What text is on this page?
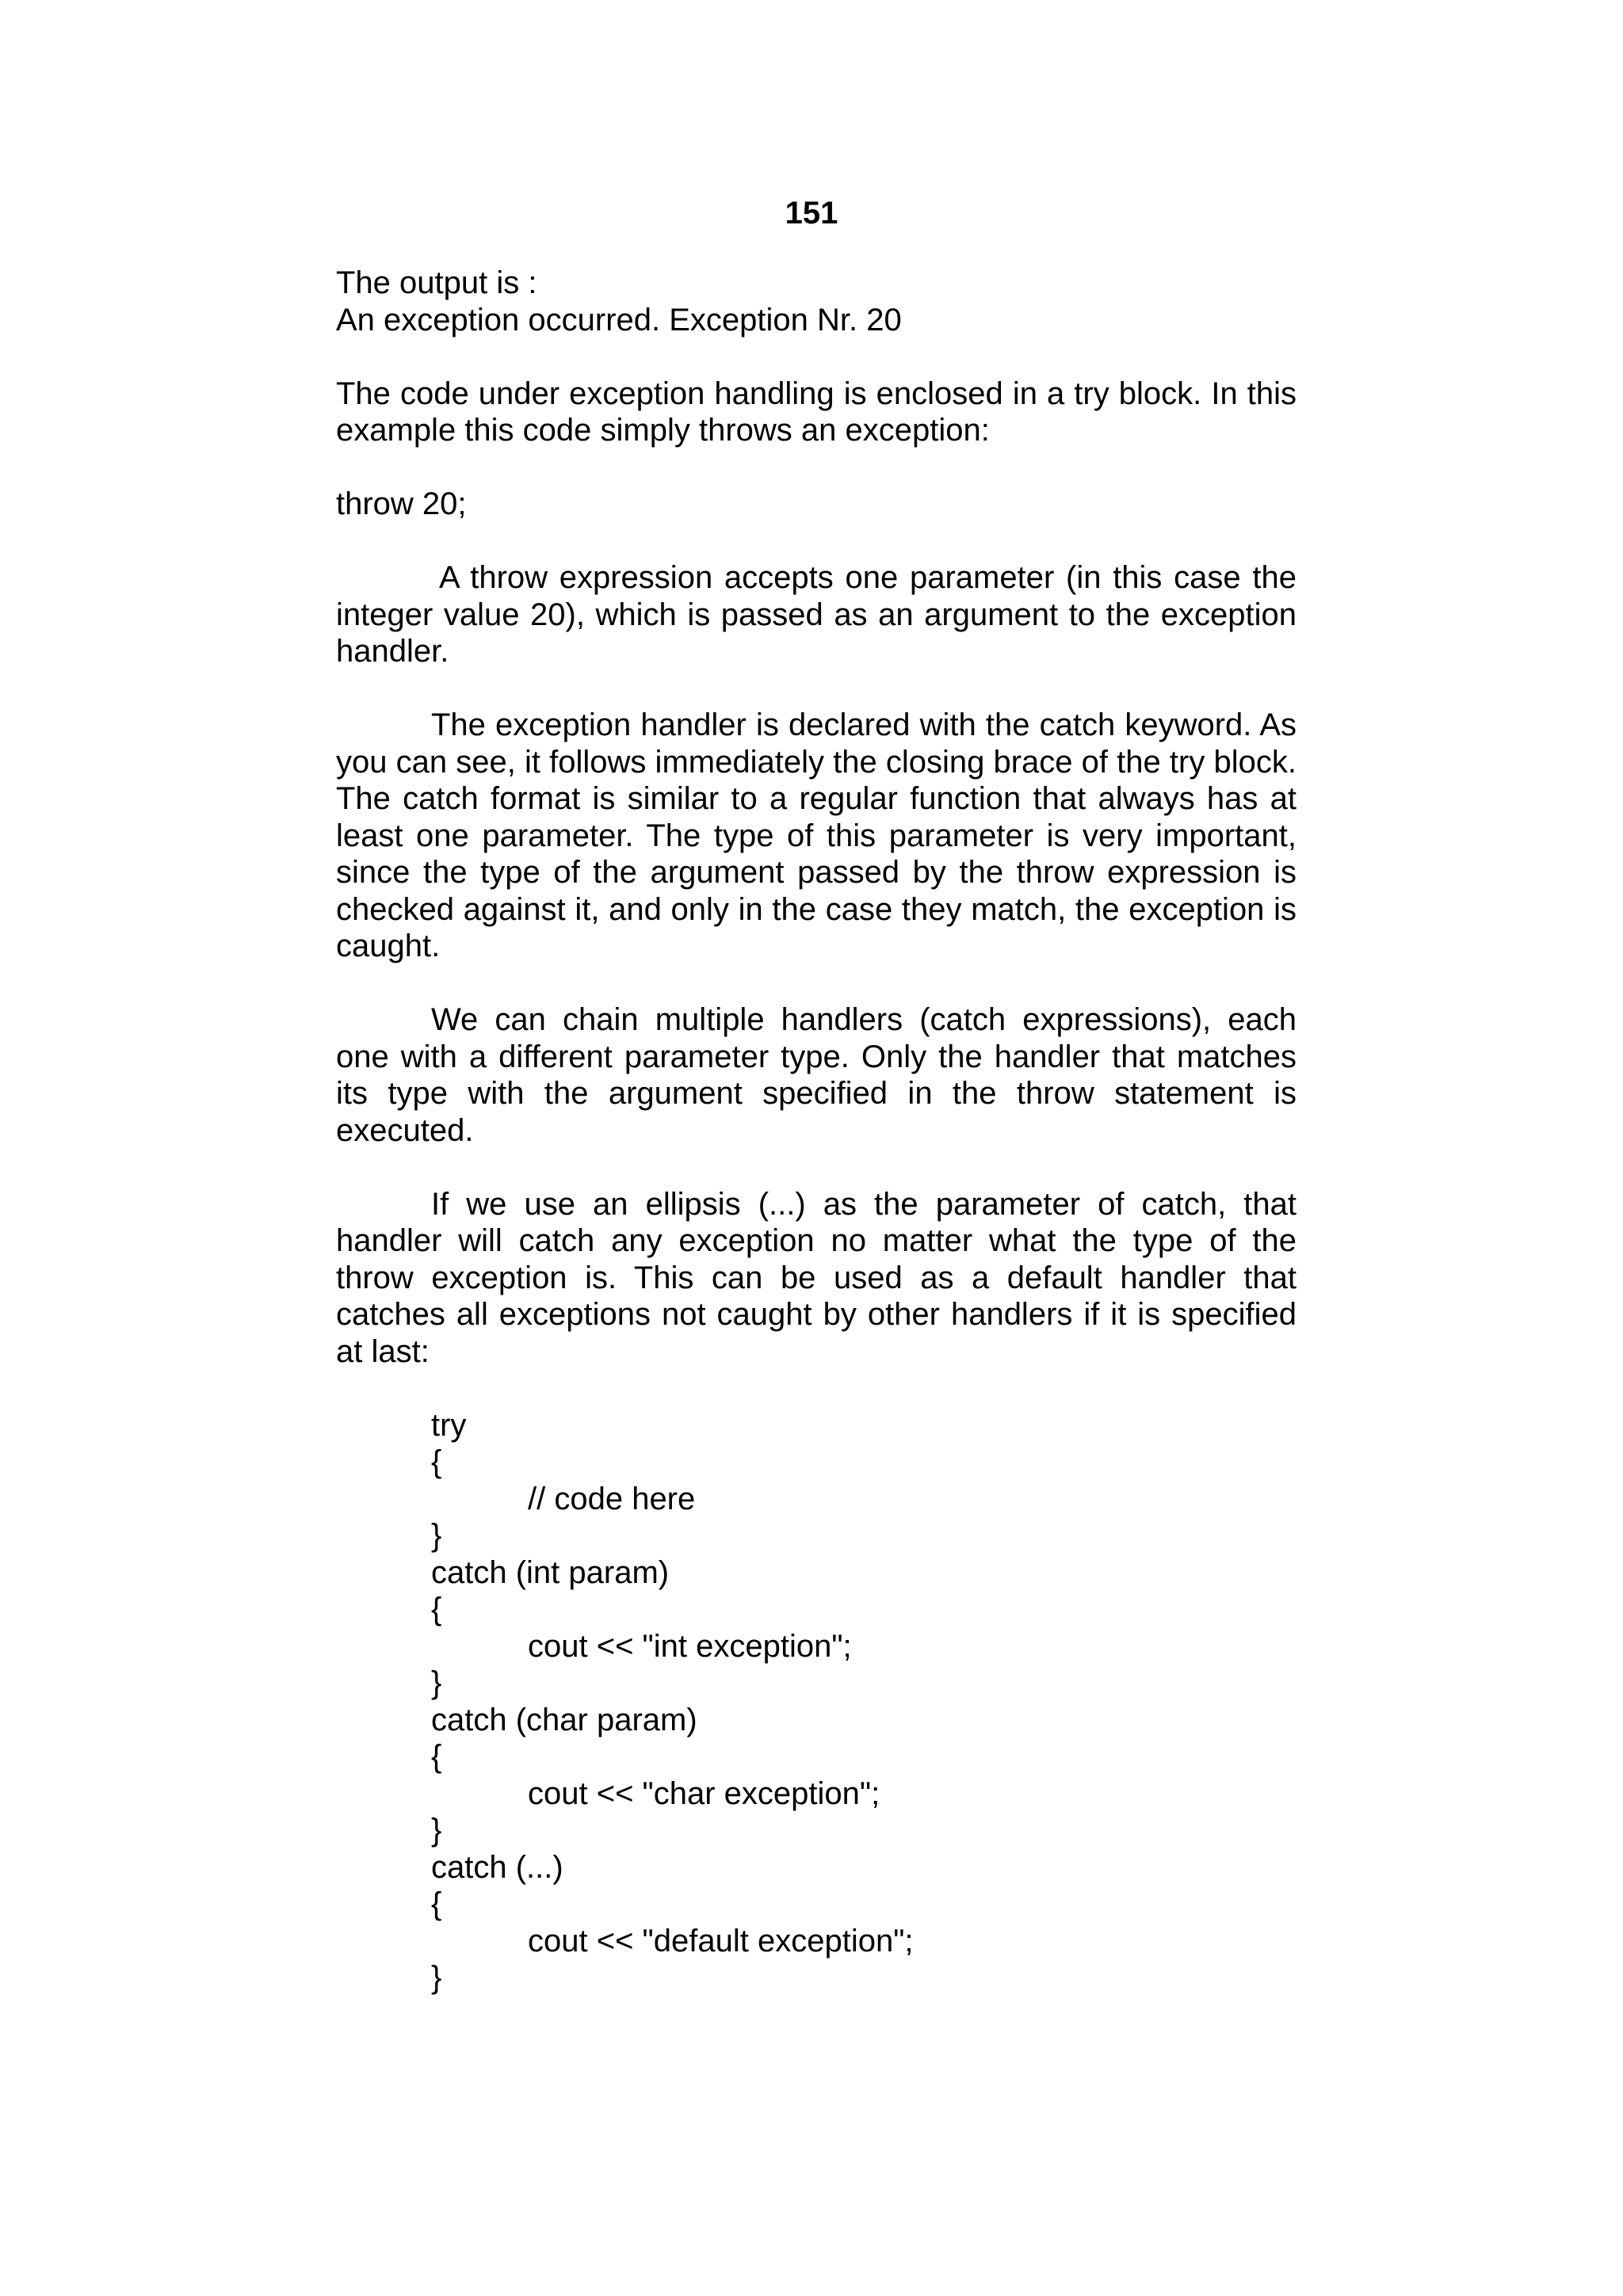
151

The output is :

An exception occurred. Exception Nr. 20

The code under exception handling is enclosed in a try block. In this example this code simply throws an exception:

throw 20;

A throw expression accepts one parameter (in this case the integer value 20), which is passed as an argument to the exception handler.

The exception handler is declared with the catch keyword. As you can see, it follows immediately the closing brace of the try block. The catch format is similar to a regular function that always has at least one parameter. The type of this parameter is very important, since the type of the argument passed by the throw expression is checked against it, and only in the case they match, the exception is caught.

We can chain multiple handlers (catch expressions), each one with a different parameter type. Only the handler that matches its type with the argument specified in the throw statement is executed.

If we use an ellipsis (...) as the parameter of catch, that handler will catch any exception no matter what the type of the throw exception is. This can be used as a default handler that catches all exceptions not caught by other handlers if it is specified at last:

try
{
// code here
}
catch (int param)
{
cout << "int exception";
}
catch (char param)
{
cout << "char exception";
}
catch (...)
{
cout << "default exception";
}
